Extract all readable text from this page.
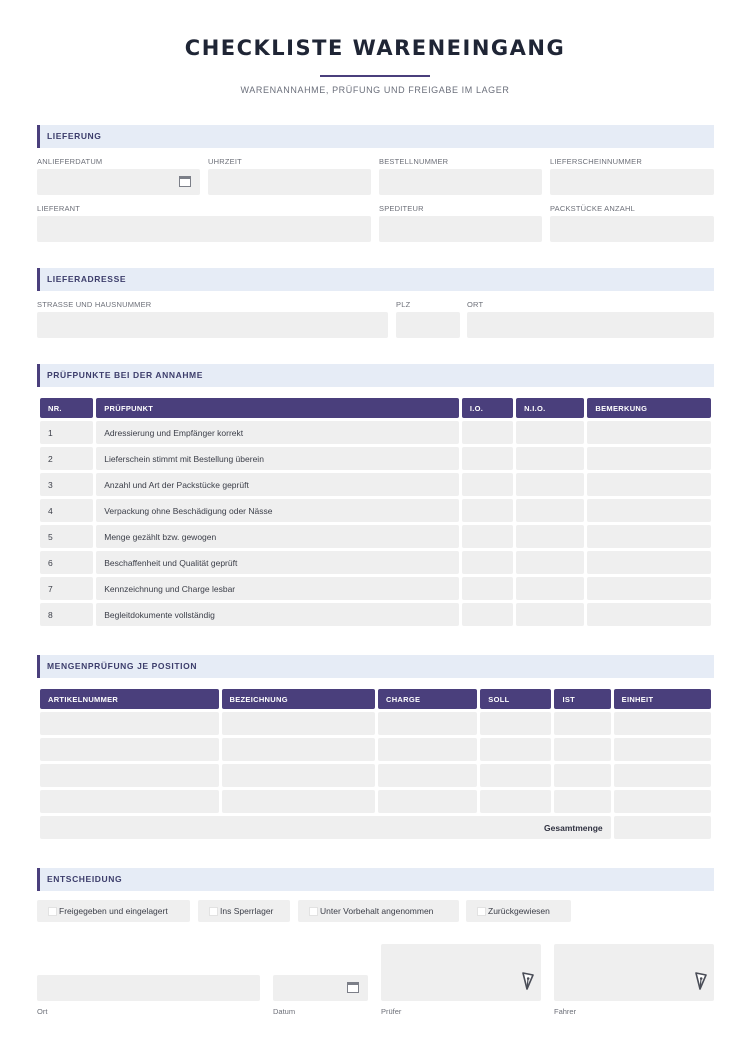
CHECKLISTE WARENEINGANG
WARENANNAHME, PRÜFUNG UND FREIGABE IM LAGER
LIEFERUNG
ANLIEFERDATUM	UHRZEIT	BESTELLNUMMER	LIEFERSCHEINNUMMER
LIEFERANT	SPEDITEUR	PACKSTÜCKE ANZAHL
LIEFERADRESSE
STRASSE UND HAUSNUMMER	PLZ	ORT
PRÜFPUNKTE BEI DER ANNAHME
NR.	PRÜFPUNKT	I.O.	N.I.O.	BEMERKUNG
1	Adressierung und Empfänger korrekt			
2	Lieferschein stimmt mit Bestellung überein			
3	Anzahl und Art der Packstücke geprüft			
4	Verpackung ohne Beschädigung oder Nässe			
5	Menge gezählt bzw. gewogen			
6	Beschaffenheit und Qualität geprüft			
7	Kennzeichnung und Charge lesbar			
8	Begleitdokumente vollständig			
MENGENPRÜFUNG JE POSITION
ARTIKELNUMMER	BEZEICHNUNG	CHARGE	SOLL	IST	EINHEIT

Gesamtmenge					
ENTSCHEIDUNG
Freigegeben und eingelagert	Ins Sperrlager	Unter Vorbehalt angenommen	Zurückgewiesen
Ort	Datum	Prüfer	Fahrer
